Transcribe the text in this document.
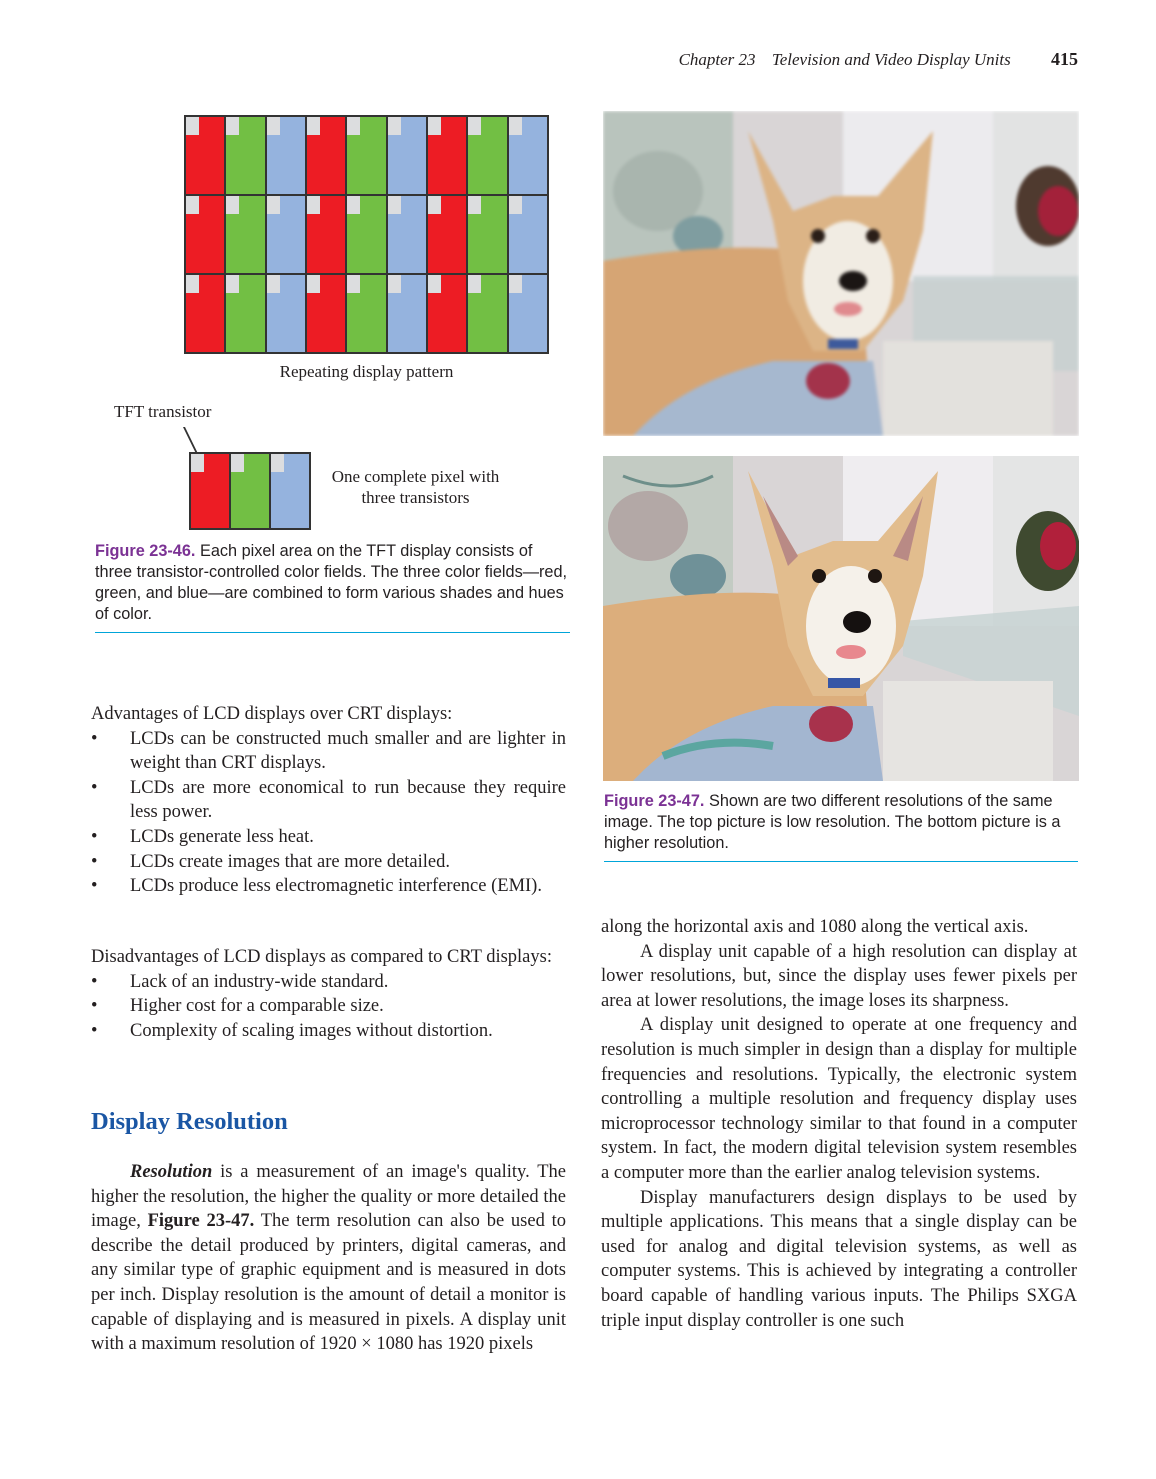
Chapter 23 Television and Video Display Units 415
Repeating display pattern
TFT transistor
One complete pixel with
three transistors
Figure 23-46. Each pixel area on the TFT display consists of three transistor-controlled color fields. The three color fields—red, green, and blue—are combined to form various shades and hues of color.
Figure 23-47. Shown are two different resolutions of the same image. The top picture is low resolution. The bottom picture is a higher resolution.

Advantages of LCD displays over CRT displays:

• LCDs can be constructed much smaller and are lighter in weight than CRT displays.
• LCDs are more economical to run because they require less power.
• LCDs generate less heat.
• LCDs create images that are more detailed.
• LCDs produce less electromagnetic interference (EMI).

Disadvantages of LCD displays as compared to CRT displays:

• Lack of an industry-wide standard.
• Higher cost for a comparable size.
• Complexity of scaling images without distortion.
Display Resolution

Resolution is a measurement of an image's quality. The higher the resolution, the higher the quality or more detailed the image, Figure 23-47. The term resolution can also be used to describe the detail produced by printers, digital cameras, and any similar type of graphic equipment and is measured in dots per inch. Display resolution is the amount of detail a monitor is capable of displaying and is measured in pixels. A display unit with a maximum resolution of 1920 × 1080 has 1920 pixels

along the horizontal axis and 1080 along the vertical axis.

A display unit capable of a high resolution can display at lower resolutions, but, since the display uses fewer pixels per area at lower resolutions, the image loses its sharpness.

A display unit designed to operate at one frequency and resolution is much simpler in design than a display for multiple frequencies and resolutions. Typically, the electronic system controlling a multiple resolution and frequency display uses microprocessor technology similar to that found in a computer system. In fact, the modern digital television system resembles a computer more than the earlier analog television systems.

Display manufacturers design displays to be used by multiple applications. This means that a single display can be used for analog and digital television systems, as well as computer systems. This is achieved by integrating a controller board capable of handling various inputs. The Philips SXGA triple input display controller is one such
